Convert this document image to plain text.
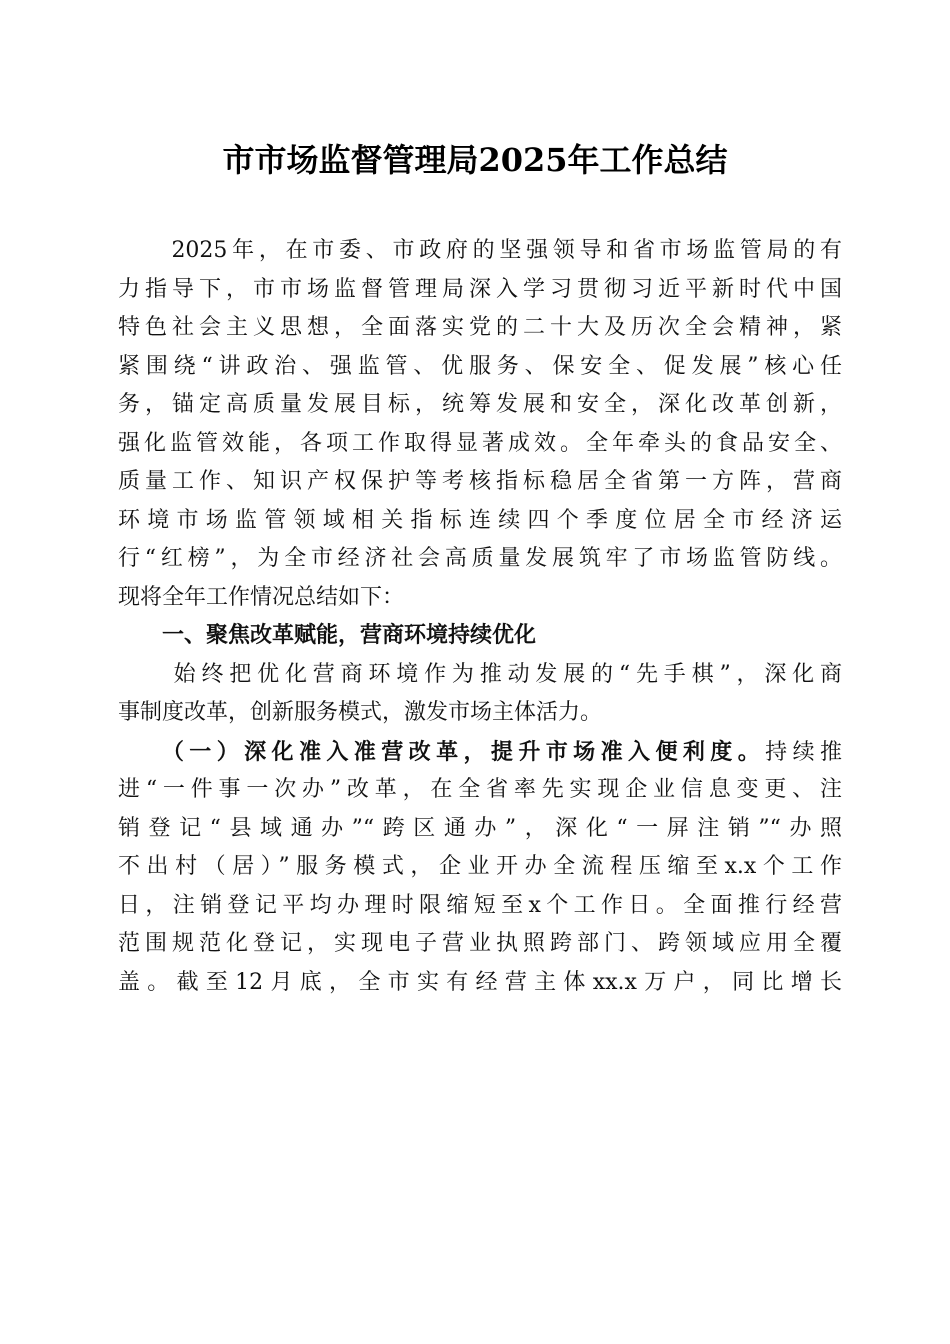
市市场监督管理局2025年工作总结
　　2025年，在市委、市政府的坚强领导和省市场监管局的有
力指导下，市市场监督管理局深入学习贯彻习近平新时代中国
特色社会主义思想，全面落实党的二十大及历次全会精神，紧
紧围绕“讲政治、强监管、优服务、保安全、促发展”核心任
务，锚定高质量发展目标，统筹发展和安全，深化改革创新，
强化监管效能，各项工作取得显著成效。全年牵头的食品安全、
质量工作、知识产权保护等考核指标稳居全省第一方阵，营商
环境市场监管领域相关指标连续四个季度位居全市经济运
行“红榜”，为全市经济社会高质量发展筑牢了市场监管防线。
现将全年工作情况总结如下：
　　一、聚焦改革赋能，营商环境持续优化
　　始终把优化营商环境作为推动发展的“先手棋”，深化商
事制度改革，创新服务模式，激发市场主体活力。
　　（一）深化准入准营改革，提升市场准入便利度。持续推
进“一件事一次办”改革，在全省率先实现企业信息变更、注
销登记“县域通办”“跨区通办”，深化“一屏注销”“办照
不出村（居）”服务模式，企业开办全流程压缩至x.x个工作
日，注销登记平均办理时限缩短至x个工作日。全面推行经营
范围规范化登记，实现电子营业执照跨部门、跨领域应用全覆
盖。截至12月底，全市实有经营主体xx.x万户，同比增长
